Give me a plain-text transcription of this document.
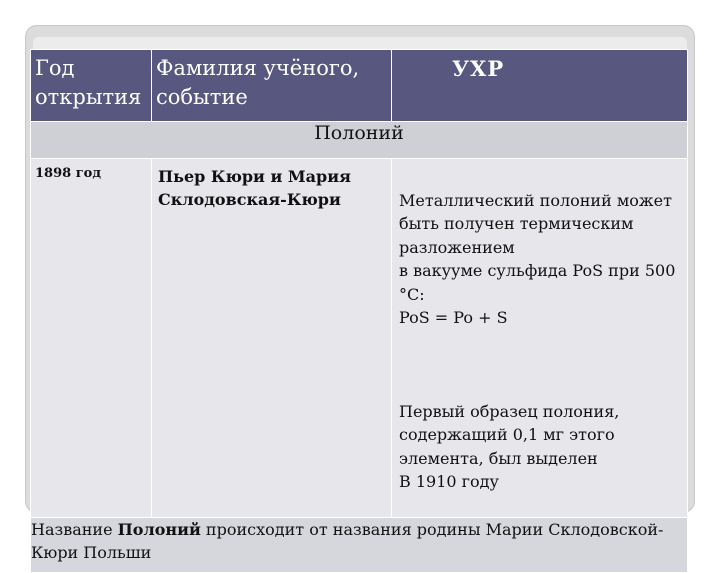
Год открытия	Фамилия учёного, событие	УХР
Полоний		
1898 год	Пьер Кюри и Мария Склодовская-Кюри	Металлический полоний может быть получен термическим разложением
в вакууме сульфида PoS при 500 °C:
PoS = Po + S

Первый образец полония, содержащий 0,1 мг этого элемента, был выделен
В 1910 году

Название Полоний происходит от названия родины Марии Склодовской-Кюри Польши		
